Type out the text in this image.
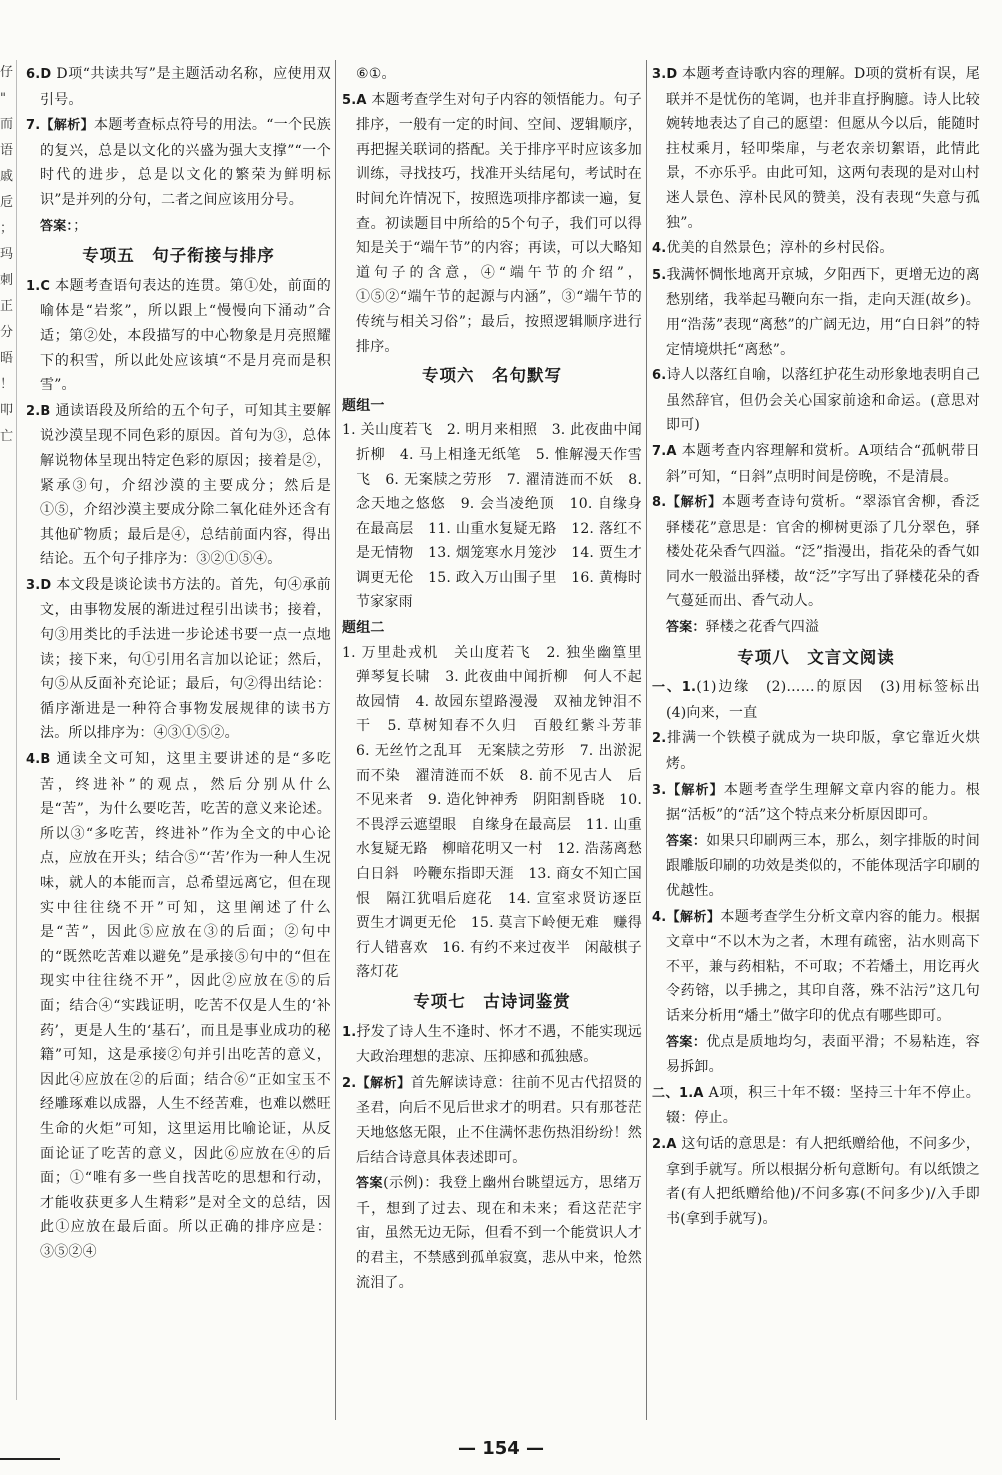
仔 " 而 语 戚 卮 ； 玛 刺 正 分 晤 ！ 叩 亡
6.D D项“共读共写”是主题活动名称，应使用双引号。
7.【解析】本题考查标点符号的用法。“一个民族的复兴，总是以文化的兴盛为强大支撑”“一个时代的进步，总是以文化的繁荣为鲜明标识”是并列的分句，二者之间应该用分号。
答案：；
专项五　句子衔接与排序
1.C 本题考查语句表达的连贯。第①处，前面的喻体是“岩浆”，所以跟上“慢慢向下涌动”合适；第②处，本段描写的中心物象是月亮照耀下的积雪，所以此处应该填“不是月亮而是积雪”。
2.B 通读语段及所给的五个句子，可知其主要解说沙漠呈现不同色彩的原因。首句为③，总体解说物体呈现出特定色彩的原因；接着是②，紧承③句，介绍沙漠的主要成分；然后是①⑤，介绍沙漠主要成分除二氧化硅外还含有其他矿物质；最后是④，总结前面内容，得出结论。五个句子排序为：③②①⑤④。
3.D 本文段是谈论读书方法的。首先，句④承前文，由事物发展的渐进过程引出读书；接着，句③用类比的手法进一步论述书要一点一点地读；接下来，句①引用名言加以论证；然后，句⑤从反面补充论证；最后，句②得出结论：循序渐进是一种符合事物发展规律的读书方法。所以排序为：④③①⑤②。
4.B 通读全文可知，这里主要讲述的是“多吃苦，终进补”的观点，然后分别从什么是“苦”，为什么要吃苦，吃苦的意义来论述。所以③“多吃苦，终进补”作为全文的中心论点，应放在开头；结合⑤“‘苦’作为一种人生况味，就人的本能而言，总希望远离它，但在现实中往往绕不开”可知，这里阐述了什么是“苦”，因此⑤应放在③的后面；②句中的“既然吃苦难以避免”是承接⑤句中的“但在现实中往往绕不开”，因此②应放在⑤的后面；结合④“实践证明，吃苦不仅是人生的‘补药’，更是人生的‘基石’，而且是事业成功的秘籍”可知，这是承接②句并引出吃苦的意义，因此④应放在②的后面；结合⑥“正如宝玉不经雕琢难以成器，人生不经苦难，也难以燃旺生命的火炬”可知，这里运用比喻论证，从反面论证了吃苦的意义，因此⑥应放在④的后面；①“唯有多一些自找苦吃的思想和行动，才能收获更多人生精彩”是对全文的总结，因此①应放在最后面。所以正确的排序应是：③⑤②④
⑥①。
5.A 本题考查学生对句子内容的领悟能力。句子排序，一般有一定的时间、空间、逻辑顺序，再把握关联词的搭配。关于排序平时应该多加训练，寻找技巧，找准开头结尾句，考试时在时间允许情况下，按照选项排序都读一遍，复查。初读题目中所给的5个句子，我们可以得知是关于“端午节”的内容；再读，可以大略知道句子的含意，④“端午节的介绍”，①⑤②“端午节的起源与内涵”，③“端午节的传统与相关习俗”；最后，按照逻辑顺序进行排序。
专项六　名句默写
题组一
1. 关山度若飞　2. 明月来相照　3. 此夜曲中闻折柳　4. 马上相逢无纸笔　5. 惟解漫天作雪飞　6. 无案牍之劳形　7. 濯清涟而不妖　8. 念天地之悠悠　9. 会当凌绝顶　10. 自缘身在最高层　11. 山重水复疑无路　12. 落红不是无情物　13. 烟笼寒水月笼沙　14. 贾生才调更无伦　15. 政入万山围子里　16. 黄梅时节家家雨
题组二
1. 万里赴戎机　关山度若飞　2. 独坐幽篁里　弹琴复长啸　3. 此夜曲中闻折柳　何人不起故园情　4. 故园东望路漫漫　双袖龙钟泪不干　5. 草树知春不久归　百般红紫斗芳菲　6. 无丝竹之乱耳　无案牍之劳形　7. 出淤泥而不染　濯清涟而不妖　8. 前不见古人　后不见来者　9. 造化钟神秀　阴阳割昏晓　10. 不畏浮云遮望眼　自缘身在最高层　11. 山重水复疑无路　柳暗花明又一村　12. 浩荡离愁白日斜　吟鞭东指即天涯　13. 商女不知亡国恨　隔江犹唱后庭花　14. 宣室求贤访逐臣　贾生才调更无伦　15. 莫言下岭便无难　赚得行人错喜欢　16. 有约不来过夜半　闲敲棋子落灯花
专项七　古诗词鉴赏
1.抒发了诗人生不逢时、怀才不遇，不能实现远大政治理想的悲凉、压抑感和孤独感。
2.【解析】首先解读诗意：往前不见古代招贤的圣君，向后不见后世求才的明君。只有那苍茫天地悠悠无限，止不住满怀悲伤热泪纷纷！然后结合诗意具体表述即可。
答案(示例)：我登上幽州台眺望远方，思绪万千，想到了过去、现在和未来；看这茫茫宇宙，虽然无边无际，但看不到一个能赏识人才的君主，不禁感到孤单寂寞，悲从中来，怆然流泪了。
3.D 本题考查诗歌内容的理解。D项的赏析有误，尾联并不是忧伤的笔调，也并非直抒胸臆。诗人比较婉转地表达了自己的愿望：但愿从今以后，能随时拄杖乘月，轻叩柴扉，与老农亲切絮语，此情此景，不亦乐乎。由此可知，这两句表现的是对山村迷人景色、淳朴民风的赞美，没有表现“失意与孤独”。
4.优美的自然景色；淳朴的乡村民俗。
5.我满怀惆怅地离开京城，夕阳西下，更增无边的离愁别绪，我举起马鞭向东一指，走向天涯(故乡)。用“浩荡”表现“离愁”的广阔无边，用“白日斜”的特定情境烘托“离愁”。
6.诗人以落红自喻，以落红护花生动形象地表明自己虽然辞官，但仍会关心国家前途和命运。(意思对即可)
7.A 本题考查内容理解和赏析。A项结合“孤帆带日斜”可知，“日斜”点明时间是傍晚，不是清晨。
8.【解析】本题考查诗句赏析。“翠添官舍柳，香泛驿楼花”意思是：官舍的柳树更添了几分翠色，驿楼处花朵香气四溢。“泛”指漫出，指花朵的香气如同水一般溢出驿楼，故“泛”字写出了驿楼花朵的香气蔓延而出、香气动人。
答案：驿楼之花香气四溢
专项八　文言文阅读
一、1.(1)边缘　(2)……的原因　(3)用标签标出　(4)向来，一直
2.排满一个铁模子就成为一块印版，拿它靠近火烘烤。
3.【解析】本题考查学生理解文章内容的能力。根据“活板”的“活”这个特点来分析原因即可。
答案：如果只印刷两三本，那么，刻字排版的时间跟雕版印刷的功效是类似的，不能体现活字印刷的优越性。
4.【解析】本题考查学生分析文章内容的能力。根据文章中“不以木为之者，木理有疏密，沾水则高下不平，兼与药相粘，不可取；不若燔土，用讫再火令药镕，以手拂之，其印自落，殊不沾污”这几句话来分析用“燔土”做字印的优点有哪些即可。
答案：优点是质地均匀，表面平滑；不易粘连，容易拆卸。
二、1.A A项，积三十年不辍：坚持三十年不停止。辍：停止。
2.A 这句话的意思是：有人把纸赠给他，不问多少，拿到手就写。所以根据分析句意断句。有以纸馈之者(有人把纸赠给他)/不问多寡(不问多少)/入手即书(拿到手就写)。
— 154 —
